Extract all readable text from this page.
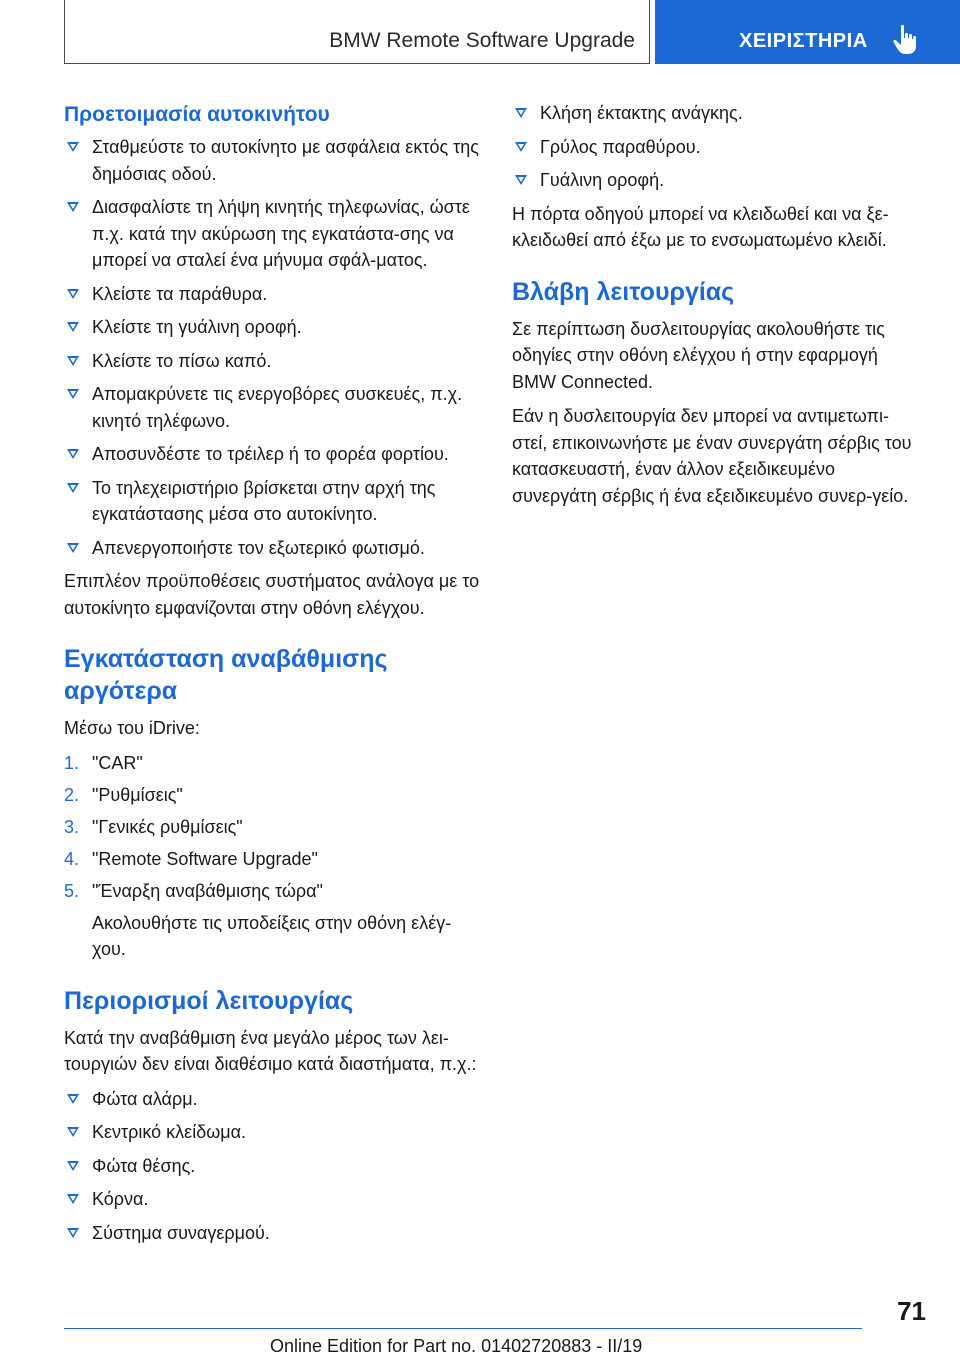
BMW Remote Software Upgrade	ΧΕΙΡΙΣΤΗΡΙΑ
Προετοιμασία αυτοκινήτου
Σταθμεύστε το αυτοκίνητο με ασφάλεια εκτός της δημόσιας οδού.
Διασφαλίστε τη λήψη κινητής τηλεφωνίας, ώστε π.χ. κατά την ακύρωση της εγκατάστα-σης να μπορεί να σταλεί ένα μήνυμα σφάλ-ματος.
Κλείστε τα παράθυρα.
Κλείστε τη γυάλινη οροφή.
Κλείστε το πίσω καπό.
Απομακρύνετε τις ενεργοβόρες συσκευές, π.χ. κινητό τηλέφωνο.
Αποσυνδέστε το τρέιλερ ή το φορέα φορτίου.
Το τηλεχειριστήριο βρίσκεται στην αρχή της εγκατάστασης μέσα στο αυτοκίνητο.
Απενεργοποιήστε τον εξωτερικό φωτισμό.

Επιπλέον προϋποθέσεις συστήματος ανάλογα με το αυτοκίνητο εμφανίζονται στην οθόνη ελέγχου.

Εγκατάσταση αναβάθμισης αργότερα

Μέσω του iDrive:

1. "CAR"
2. "Ρυθμίσεις"
3. "Γενικές ρυθμίσεις"
4. "Remote Software Upgrade"
5. "Έναρξη αναβάθμισης τώρα"

Ακολουθήστε τις υποδείξεις στην οθόνη ελέγ-χου.

Περιορισμοί λειτουργίας

Κατά την αναβάθμιση ένα μεγάλο μέρος των λει-τουργιών δεν είναι διαθέσιμο κατά διαστήματα, π.χ.:

Φώτα αλάρμ.
Κεντρικό κλείδωμα.
Φώτα θέσης.
Κόρνα.
Σύστημα συναγερμού.
Κλήση έκτακτης ανάγκης.
Γρύλος παραθύρου.
Γυάλινη οροφή.

Η πόρτα οδηγού μπορεί να κλειδωθεί και να ξε-κλειδωθεί από έξω με το ενσωματωμένο κλειδί.

Βλάβη λειτουργίας

Σε περίπτωση δυσλειτουργίας ακολουθήστε τις οδηγίες στην οθόνη ελέγχου ή στην εφαρμογή BMW Connected.

Εάν η δυσλειτουργία δεν μπορεί να αντιμετωπι-στεί, επικοινωνήστε με έναν συνεργάτη σέρβις του κατασκευαστή, έναν άλλον εξειδικευμένο συνεργάτη σέρβις ή ένα εξειδικευμένο συνερ-γείο.

71
Online Edition for Part no. 01402720883 - II/19
